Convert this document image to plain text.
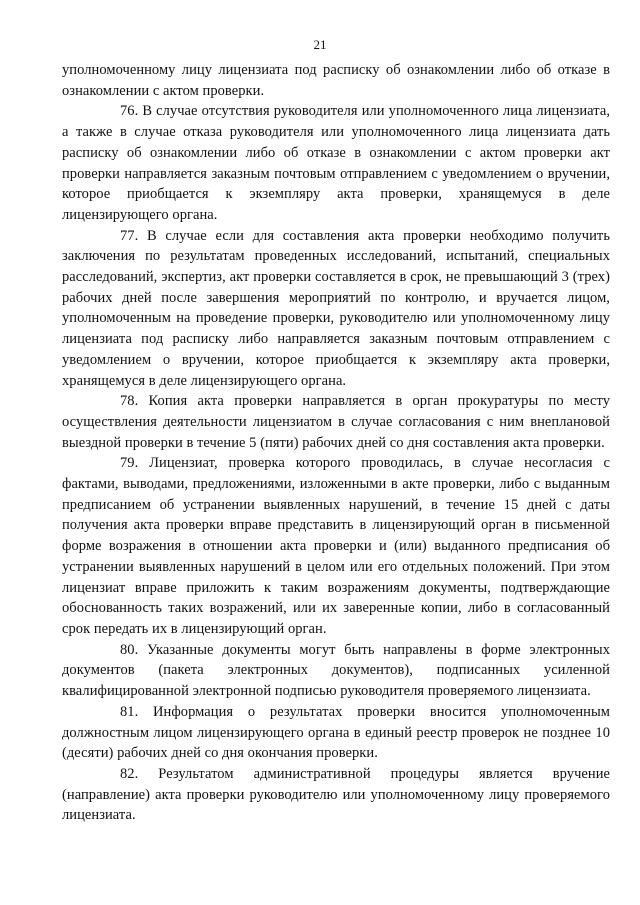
21

уполномоченному лицу лицензиата под расписку об ознакомлении либо об отказе в ознакомлении с актом проверки.

76. В случае отсутствия руководителя или уполномоченного лица лицензиата, а также в случае отказа руководителя или уполномоченного лица лицензиата дать расписку об ознакомлении либо об отказе в ознакомлении с актом проверки акт проверки направляется заказным почтовым отправлением с уведомлением о вручении, которое приобщается к экземпляру акта проверки, хранящемуся в деле лицензирующего органа.

77. В случае если для составления акта проверки необходимо получить заключения по результатам проведенных исследований, испытаний, специальных расследований, экспертиз, акт проверки составляется в срок, не превышающий 3 (трех) рабочих дней после завершения мероприятий по контролю, и вручается лицом, уполномоченным на проведение проверки, руководителю или уполномоченному лицу лицензиата под расписку либо направляется заказным почтовым отправлением с уведомлением о вручении, которое приобщается к экземпляру акта проверки, хранящемуся в деле лицензирующего органа.

78. Копия акта проверки направляется в орган прокуратуры по месту осуществления деятельности лицензиатом в случае согласования с ним внеплановой выездной проверки в течение 5 (пяти) рабочих дней со дня составления акта проверки.

79. Лицензиат, проверка которого проводилась, в случае несогласия с фактами, выводами, предложениями, изложенными в акте проверки, либо с выданным предписанием об устранении выявленных нарушений, в течение 15 дней с даты получения акта проверки вправе представить в лицензирующий орган в письменной форме возражения в отношении акта проверки и (или) выданного предписания об устранении выявленных нарушений в целом или его отдельных положений. При этом лицензиат вправе приложить к таким возражениям документы, подтверждающие обоснованность таких возражений, или их заверенные копии, либо в согласованный срок передать их в лицензирующий орган.

80. Указанные документы могут быть направлены в форме электронных документов (пакета электронных документов), подписанных усиленной квалифицированной электронной подписью руководителя проверяемого лицензиата.

81. Информация о результатах проверки вносится уполномоченным должностным лицом лицензирующего органа в единый реестр проверок не позднее 10 (десяти) рабочих дней со дня окончания проверки.

82. Результатом административной процедуры является вручение (направление) акта проверки руководителю или уполномоченному лицу проверяемого лицензиата.
